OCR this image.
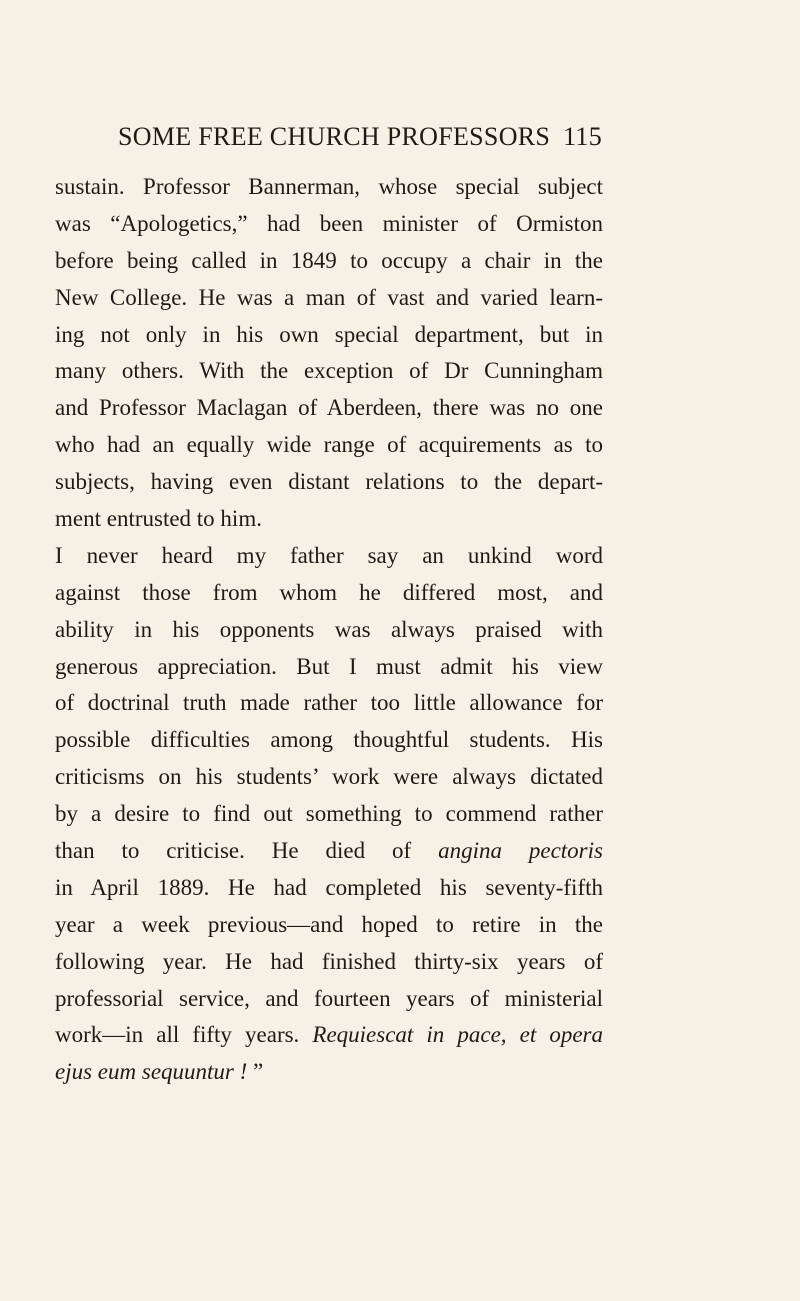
SOME FREE CHURCH PROFESSORS 115
sustain. Professor Bannerman, whose special subject
was “Apologetics,” had been minister of Ormiston
before being called in 1849 to occupy a chair in the
New College. He was a man of vast and varied learn-
ing not only in his own special department, but in
many others. With the exception of Dr Cunningham
and Professor Maclagan of Aberdeen, there was no one
who had an equally wide range of acquirements as to
subjects, having even distant relations to the depart-
ment entrusted to him.
I never heard my father say an unkind word
against those from whom he differed most, and
ability in his opponents was always praised with
generous appreciation. But I must admit his view
of doctrinal truth made rather too little allowance for
possible difficulties among thoughtful students. His
criticisms on his students’ work were always dictated
by a desire to find out something to commend rather
than to criticise. He died of angina pectoris
in April 1889. He had completed his seventy-fifth
year a week previous—and hoped to retire in the
following year. He had finished thirty-six years of
professorial service, and fourteen years of ministerial
work—in all fifty years. Requiescat in pace, et opera
ejus eum sequuntur ! ”
